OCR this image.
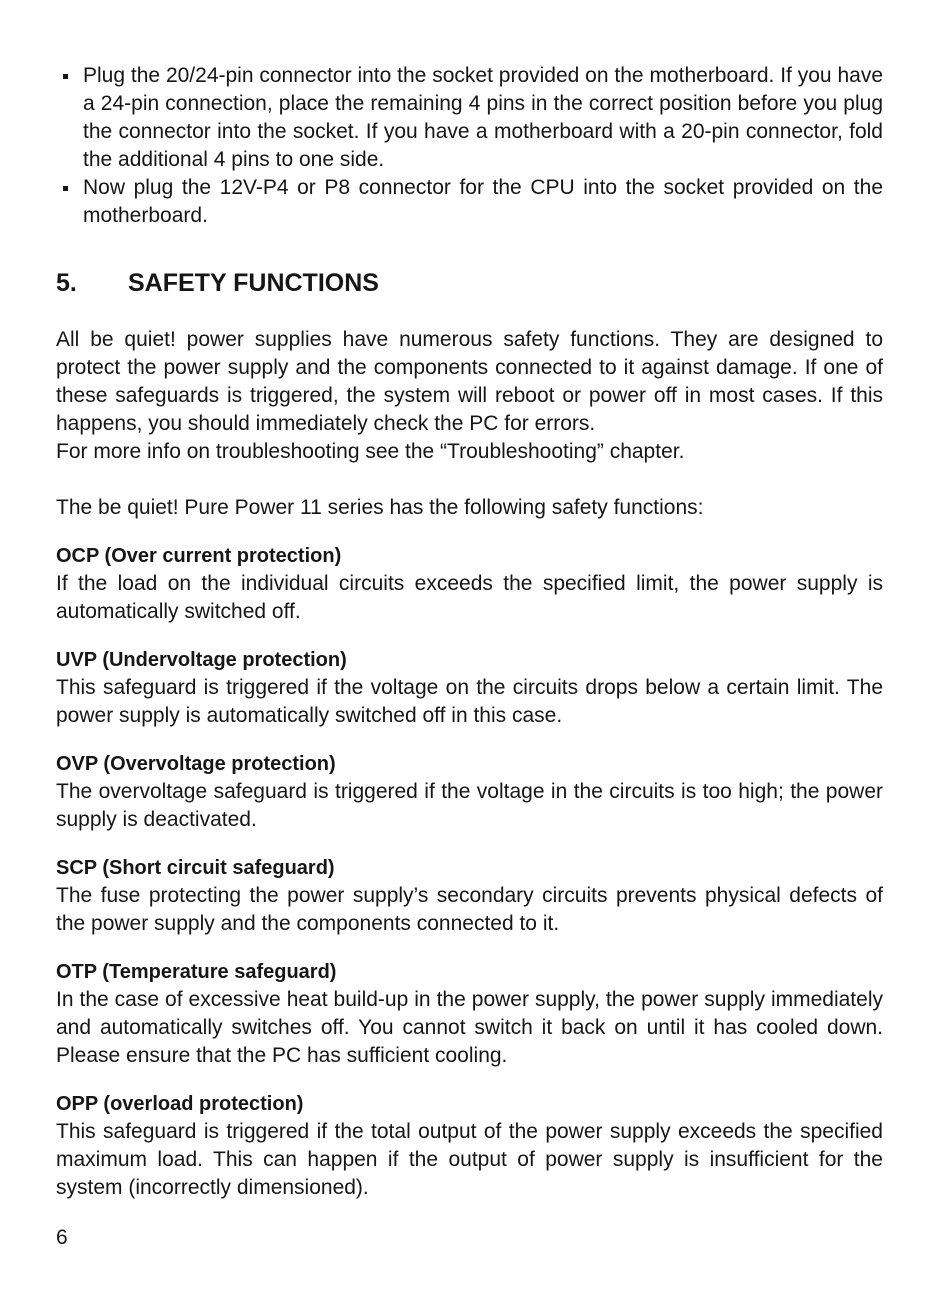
Plug the 20/24-pin connector into the socket provided on the motherboard. If you have a 24-pin connection, place the remaining 4 pins in the correct position before you plug the connector into the socket. If you have a motherboard with a 20-pin connector, fold the additional 4 pins to one side.
Now plug the 12V-P4 or P8 connector for the CPU into the socket provided on the motherboard.
5.	SAFETY FUNCTIONS

All be quiet! power supplies have numerous safety functions. They are designed to protect the power supply and the components connected to it against damage. If one of these safeguards is triggered, the system will reboot or power off in most cases. If this happens, you should immediately check the PC for errors.

For more info on troubleshooting see the “Troubleshooting” chapter.

The be quiet! Pure Power 11 series has the following safety functions:

OCP (Over current protection)

If the load on the individual circuits exceeds the specified limit, the power supply is automatically switched off.

UVP (Undervoltage protection)

This safeguard is triggered if the voltage on the circuits drops below a certain limit. The power supply is automatically switched off in this case.

OVP (Overvoltage protection)

The overvoltage safeguard is triggered if the voltage in the circuits is too high; the power supply is deactivated.

SCP (Short circuit safeguard)

The fuse protecting the power supply’s secondary circuits prevents physical defects of the power supply and the components connected to it.

OTP (Temperature safeguard)

In the case of excessive heat build-up in the power supply, the power supply immediately and automatically switches off. You cannot switch it back on until it has cooled down. Please ensure that the PC has sufficient cooling.

OPP (overload protection)

This safeguard is triggered if the total output of the power supply exceeds the specified maximum load. This can happen if the output of power supply is insufficient for the system (incorrectly dimensioned).

6
